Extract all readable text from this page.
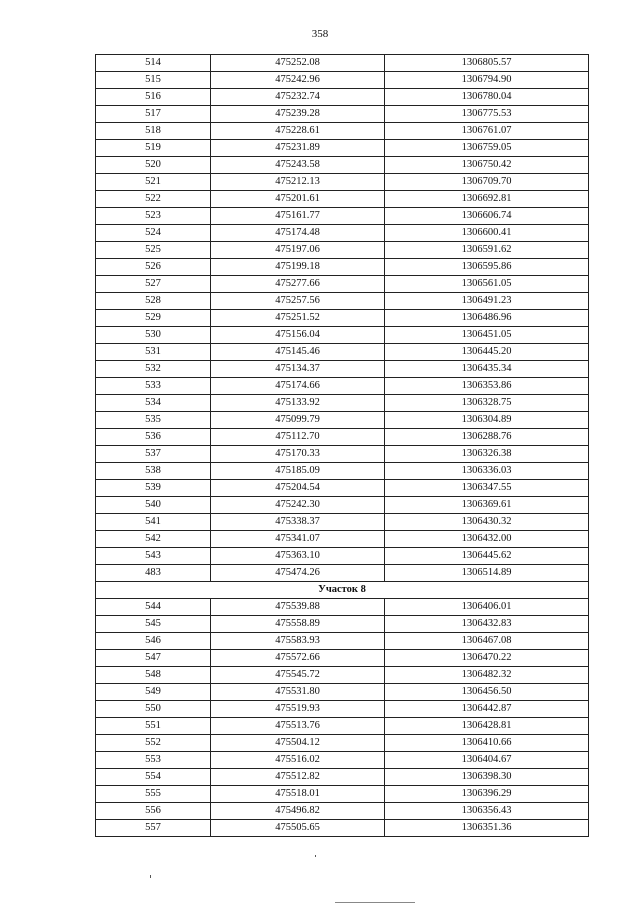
358
514	475252.08	1306805.57
515	475242.96	1306794.90
516	475232.74	1306780.04
517	475239.28	1306775.53
518	475228.61	1306761.07
519	475231.89	1306759.05
520	475243.58	1306750.42
521	475212.13	1306709.70
522	475201.61	1306692.81
523	475161.77	1306606.74
524	475174.48	1306600.41
525	475197.06	1306591.62
526	475199.18	1306595.86
527	475277.66	1306561.05
528	475257.56	1306491.23
529	475251.52	1306486.96
530	475156.04	1306451.05
531	475145.46	1306445.20
532	475134.37	1306435.34
533	475174.66	1306353.86
534	475133.92	1306328.75
535	475099.79	1306304.89
536	475112.70	1306288.76
537	475170.33	1306326.38
538	475185.09	1306336.03
539	475204.54	1306347.55
540	475242.30	1306369.61
541	475338.37	1306430.32
542	475341.07	1306432.00
543	475363.10	1306445.62
483	475474.26	1306514.89
Участок 8		
544	475539.88	1306406.01
545	475558.89	1306432.83
546	475583.93	1306467.08
547	475572.66	1306470.22
548	475545.72	1306482.32
549	475531.80	1306456.50
550	475519.93	1306442.87
551	475513.76	1306428.81
552	475504.12	1306410.66
553	475516.02	1306404.67
554	475512.82	1306398.30
555	475518.01	1306396.29
556	475496.82	1306356.43
557	475505.65	1306351.36
